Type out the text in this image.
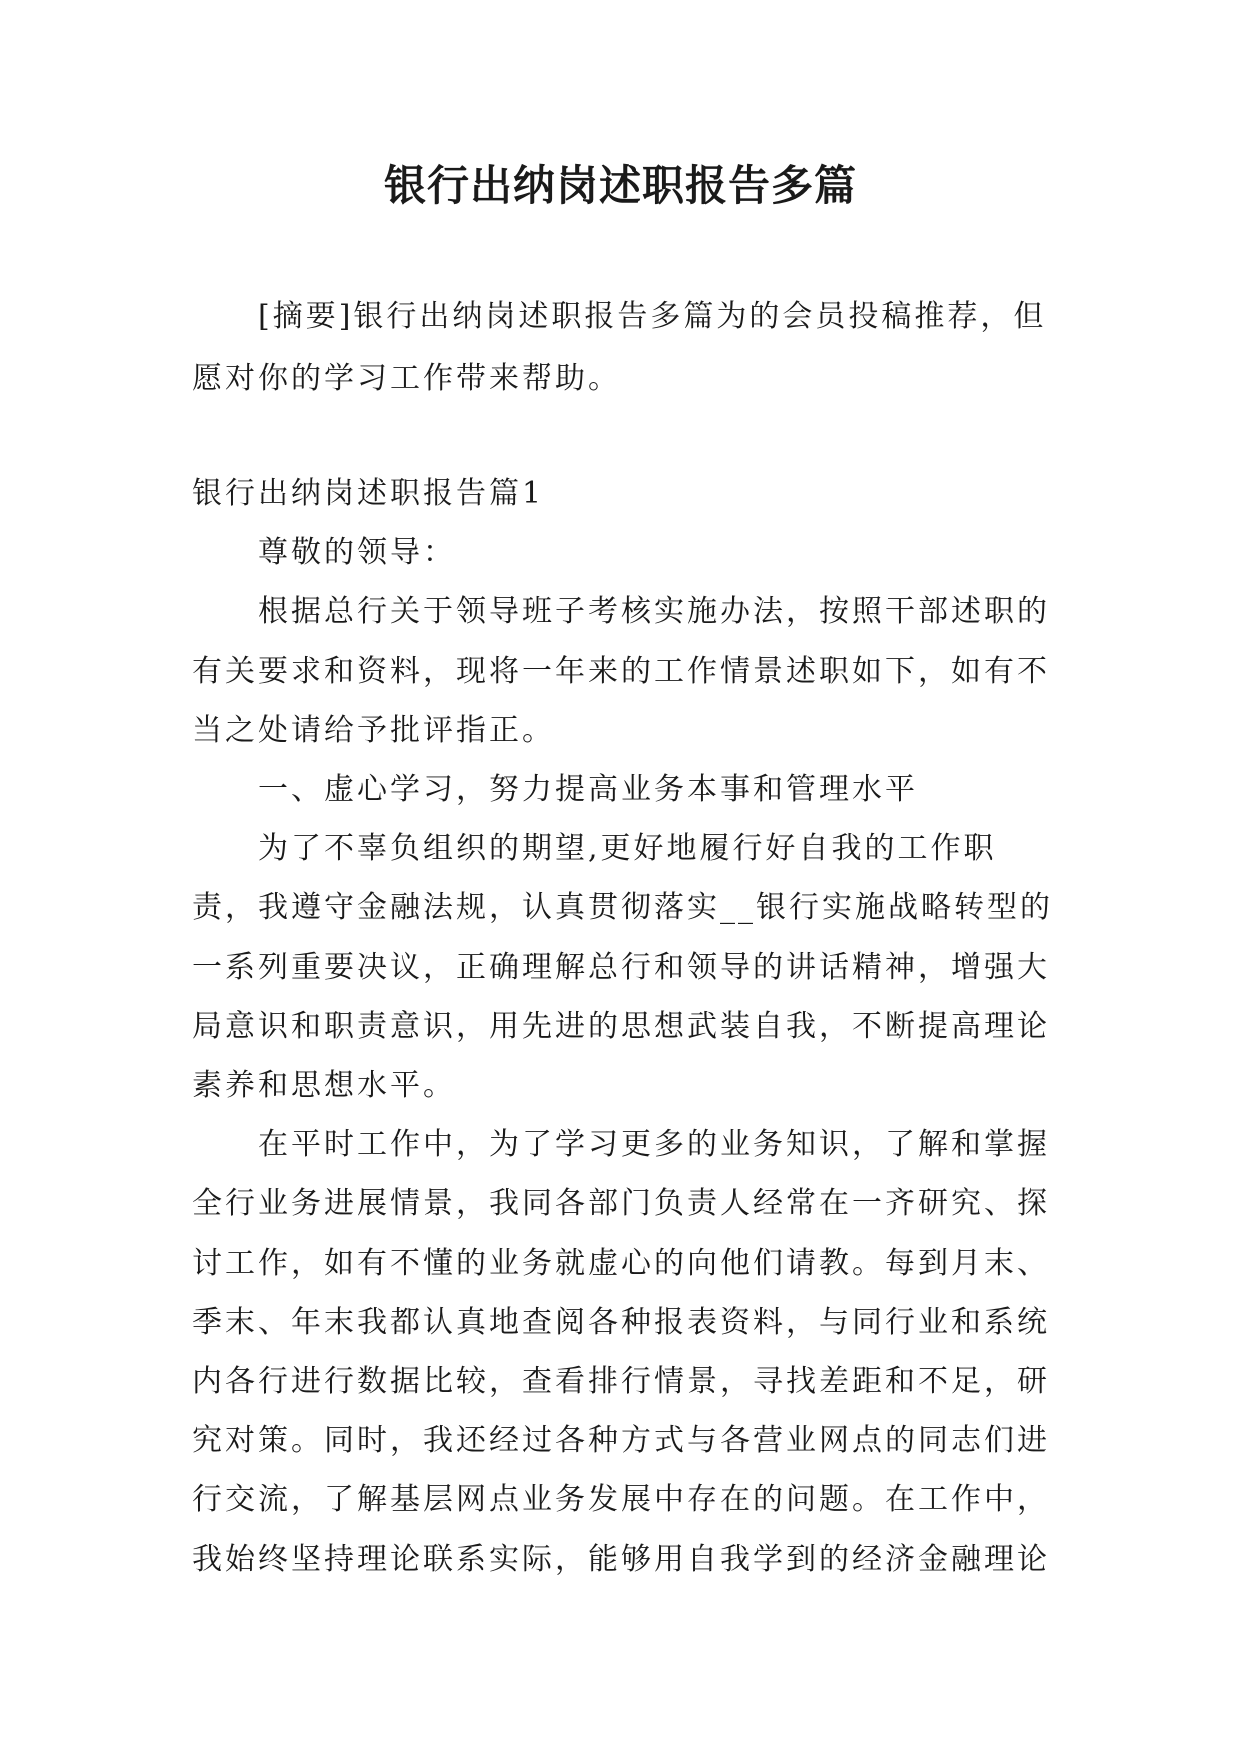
银行出纳岗述职报告多篇

[摘要]银行出纳岗述职报告多篇为的会员投稿推荐，但愿对你的学习工作带来帮助。

银行出纳岗述职报告篇1

尊敬的领导：

根据总行关于领导班子考核实施办法，按照干部述职的有关要求和资料，现将一年来的工作情景述职如下，如有不当之处请给予批评指正。

一、虚心学习，努力提高业务本事和管理水平

为了不辜负组织的期望,更好地履行好自我的工作职责，我遵守金融法规，认真贯彻落实__银行实施战略转型的一系列重要决议，正确理解总行和领导的讲话精神，增强大局意识和职责意识，用先进的思想武装自我，不断提高理论素养和思想水平。

在平时工作中，为了学习更多的业务知识，了解和掌握全行业务进展情景，我同各部门负责人经常在一齐研究、探讨工作，如有不懂的业务就虚心的向他们请教。每到月末、季末、年末我都认真地查阅各种报表资料，与同行业和系统内各行进行数据比较，查看排行情景，寻找差距和不足，研究对策。同时，我还经过各种方式与各营业网点的同志们进行交流，了解基层网点业务发展中存在的问题。在工作中，我始终坚持理论联系实际，能够用自我学到的经济金融理论
